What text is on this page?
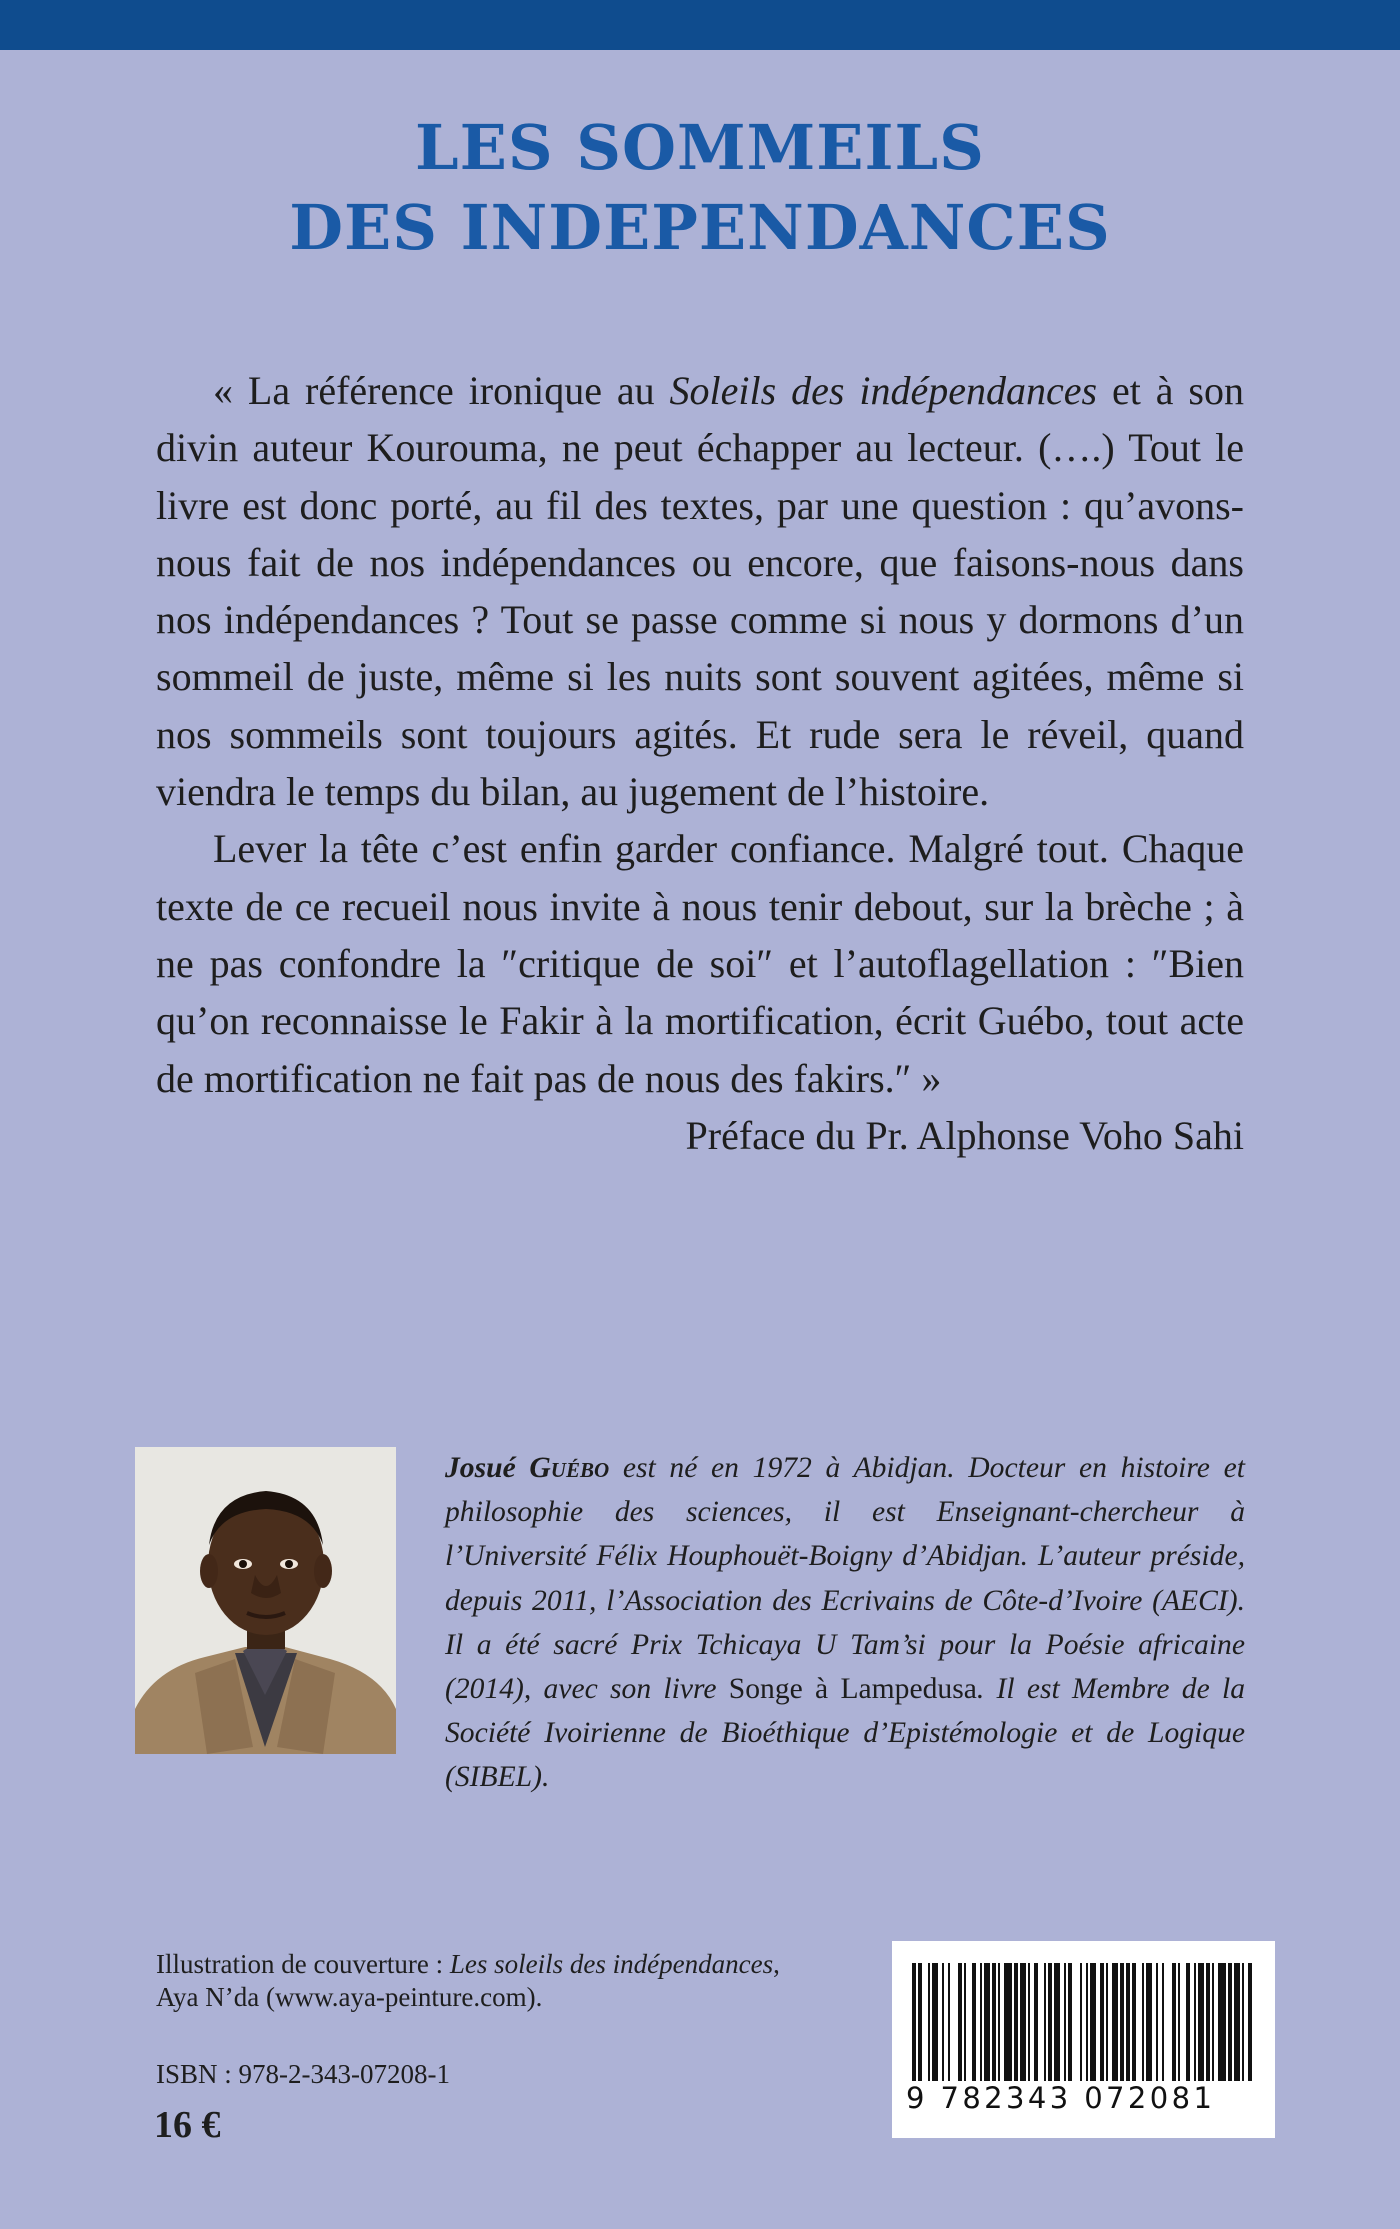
LES SOMMEILS
DES INDEPENDANCES

« La référence ironique au Soleils des indépendances et à son divin auteur Kourouma, ne peut échapper au lecteur. (….) Tout le livre est donc porté, au fil des textes, par une question : qu’avons-nous fait de nos indépendances ou encore, que faisons-nous dans nos indépendances ? Tout se passe comme si nous y dormons d’un sommeil de juste, même si les nuits sont souvent agitées, même si nos sommeils sont toujours agités. Et rude sera le réveil, quand viendra le temps du bilan, au jugement de l’histoire.

Lever la tête c’est enfin garder confiance. Malgré tout. Chaque texte de ce recueil nous invite à nous tenir debout, sur la brèche ; à ne pas confondre la ″critique de soi″ et l’autoflagellation : ″Bien qu’on reconnaisse le Fakir à la mortification, écrit Guébo, tout acte de mortification ne fait pas de nous des fakirs.″ »

Préface du Pr. Alphonse Voho Sahi

Josué Guébo est né en 1972 à Abidjan. Docteur en histoire et philosophie des sciences, il est Enseignant-chercheur à l’Université Félix Houphouët-Boigny d’Abidjan. L’auteur préside, depuis 2011, l’Association des Ecrivains de Côte-d’Ivoire (AECI). Il a été sacré Prix Tchicaya U Tam’si pour la Poésie africaine (2014), avec son livre Songe à Lampedusa. Il est Membre de la Société Ivoirienne de Bioéthique d’Epistémologie et de Logique (SIBEL).

Illustration de couverture : Les soleils des indépendances,
Aya N’da (www.aya-peinture.com).

ISBN : 978-2-343-07208-1

16 €

9 782343 072081
